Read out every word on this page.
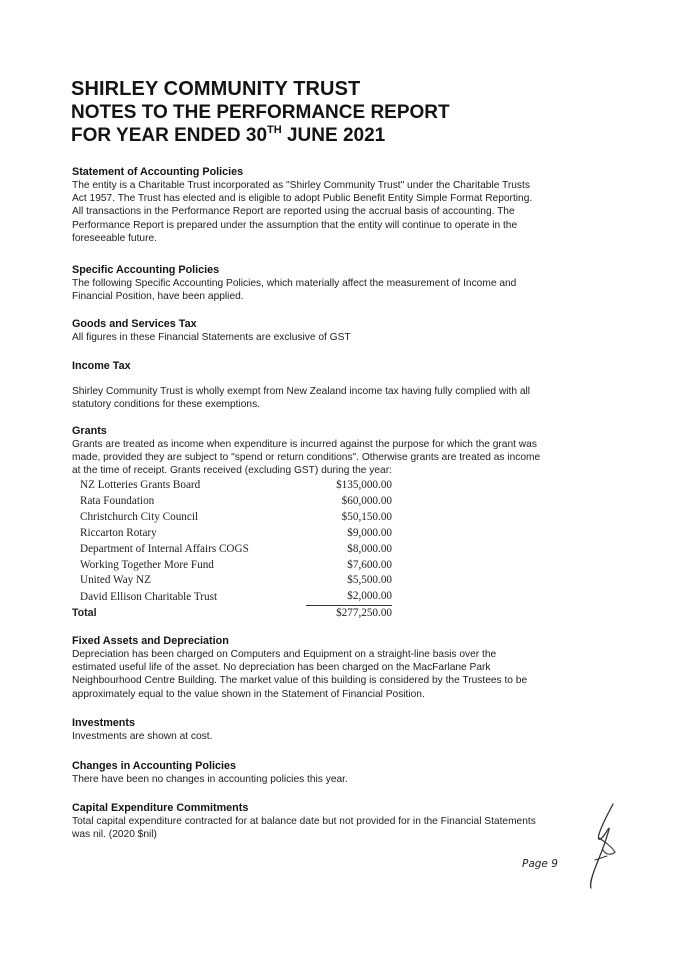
SHIRLEY COMMUNITY TRUST
NOTES TO THE PERFORMANCE REPORT
FOR YEAR ENDED 30TH JUNE 2021

Statement of Accounting Policies

The entity is a Charitable Trust incorporated as "Shirley Community Trust" under the Charitable Trusts

Act 1957. The Trust has elected and is eligible to adopt Public Benefit Entity Simple Format Reporting.

All transactions in the Performance Report are reported using the accrual basis of accounting. The

Performance Report is prepared under the assumption that the entity will continue to operate in the

foreseeable future.

Specific Accounting Policies

The following Specific Accounting Policies, which materially affect the measurement of Income and

Financial Position, have been applied.

Goods and Services Tax

All figures in these Financial Statements are exclusive of GST

Income Tax

Shirley Community Trust is wholly exempt from New Zealand income tax having fully complied with all

statutory conditions for these exemptions.

Grants

Grants are treated as income when expenditure is incurred against the purpose for which the grant was

made, provided they are subject to "spend or return conditions". Otherwise grants are treated as income

at the time of receipt. Grants received (excluding GST) during the year:

NZ Lotteries Grants Board	$135,000.00
Rata Foundation	$60,000.00
Christchurch City Council	$50,150.00
Riccarton Rotary	$9,000.00
Department of Internal Affairs COGS	$8,000.00
Working Together More Fund	$7,600.00
United Way NZ	$5,500.00
David Ellison Charitable Trust	$2,000.00
Total	$277,250.00

Fixed Assets and Depreciation

Depreciation has been charged on Computers and Equipment on a straight-line basis over the

estimated useful life of the asset. No depreciation has been charged on the MacFarlane Park

Neighbourhood Centre Building. The market value of this building is considered by the Trustees to be

approximately equal to the value shown in the Statement of Financial Position.

Investments

Investments are shown at cost.

Changes in Accounting Policies

There have been no changes in accounting policies this year.

Capital Expenditure Commitments

Total capital expenditure contracted for at balance date but not provided for in the Financial Statements

was nil. (2020 $nil)

Page 9
